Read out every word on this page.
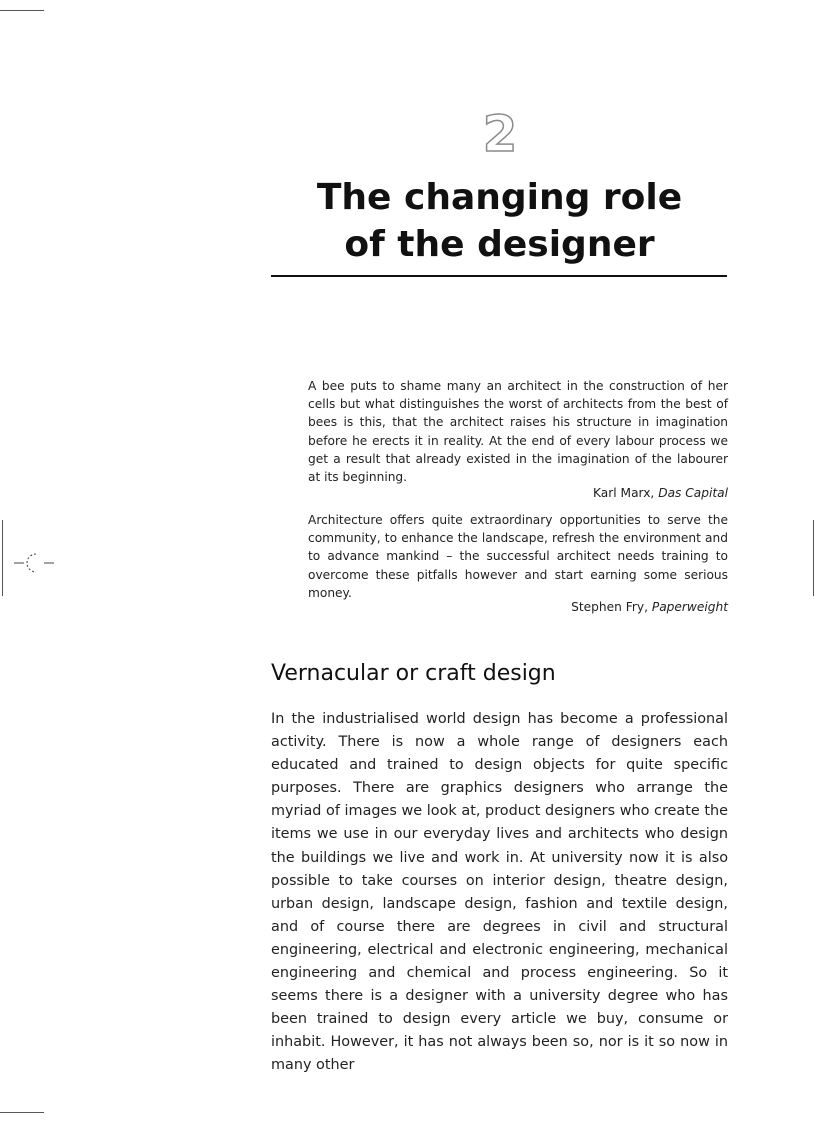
2
The changing role
of the designer

A bee puts to shame many an architect in the construction of her cells but what distinguishes the worst of architects from the best of bees is this, that the architect raises his structure in imagination before he erects it in reality. At the end of every labour process we get a result that already existed in the imagination of the labourer at its beginning.

Karl Marx, Das Capital

Architecture offers quite extraordinary opportunities to serve the community, to enhance the landscape, refresh the environment and to advance mankind – the successful architect needs training to overcome these pitfalls however and start earning some serious money.

Stephen Fry, Paperweight
Vernacular or craft design

In the industrialised world design has become a professional activity. There is now a whole range of designers each educated and trained to design objects for quite specific purposes. There are graphics designers who arrange the myriad of images we look at, product designers who create the items we use in our everyday lives and architects who design the buildings we live and work in. At university now it is also possible to take courses on interior design, theatre design, urban design, landscape design, fashion and textile design, and of course there are degrees in civil and structural engineering, electrical and electronic engineering, mechanical engineering and chemical and process engineering. So it seems there is a designer with a university degree who has been trained to design every article we buy, consume or inhabit. However, it has not always been so, nor is it so now in many other
